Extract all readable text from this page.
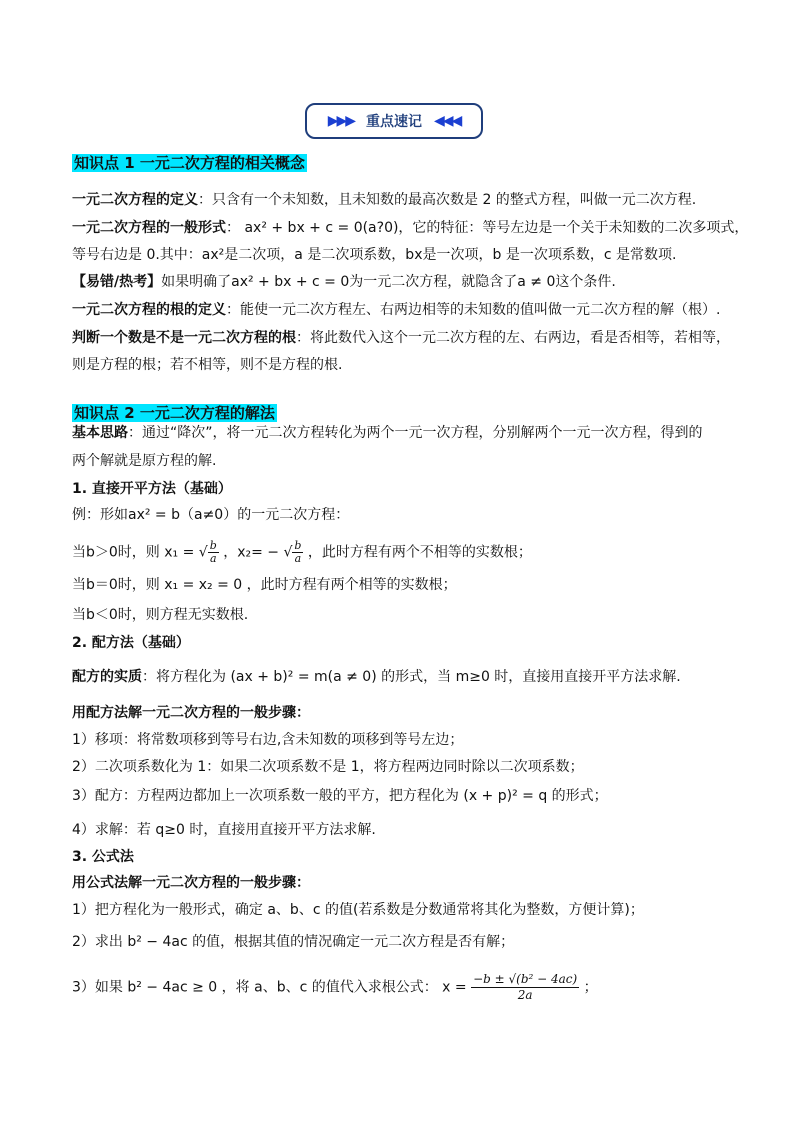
▶▶▶ 重点速记 ◀◀◀
知识点 1 一元二次方程的相关概念
一元二次方程的定义：只含有一个未知数，且未知数的最高次数是 2 的整式方程，叫做一元二次方程.
一元二次方程的一般形式： ax² + bx + c = 0(a?0)，它的特征：等号左边是一个关于未知数的二次多项式，
等号右边是 0.其中：ax²是二次项，a 是二次项系数，bx是一次项，b 是一次项系数，c 是常数项.
【易错/热考】如果明确了ax² + bx + c = 0为一元二次方程，就隐含了a ≠ 0这个条件.
一元二次方程的根的定义：能使一元二次方程左、右两边相等的未知数的值叫做一元二次方程的解（根）.
判断一个数是不是一元二次方程的根：将此数代入这个一元二次方程的左、右两边，看是否相等，若相等，
则是方程的根；若不相等，则不是方程的根.
知识点 2 一元二次方程的解法
基本思路：通过“降次”，将一元二次方程转化为两个一元一次方程，分别解两个一元一次方程，得到的
两个解就是原方程的解.
1. 直接开平方法（基础）
例：形如ax² = b（a≠0）的一元二次方程：
当b＞0时，则 x₁ = √ $\frac{b}{a}$ ，x₂= − √ $\frac{b}{a}$ ，此时方程有两个不相等的实数根；
当b＝0时，则 x₁ = x₂ = 0 ，此时方程有两个相等的实数根；
当b＜0时，则方程无实数根.
2. 配方法（基础）
配方的实质：将方程化为 (ax + b)² = m(a ≠ 0) 的形式，当 m≥0 时，直接用直接开平方法求解.
用配方法解一元二次方程的一般步骤：
1）移项：将常数项移到等号右边,含未知数的项移到等号左边；
2）二次项系数化为 1：如果二次项系数不是 1，将方程两边同时除以二次项系数；
3）配方：方程两边都加上一次项系数一般的平方，把方程化为 (x + p)² = q 的形式；
4）求解：若 q≥0 时，直接用直接开平方法求解.
3. 公式法
用公式法解一元二次方程的一般步骤：
1）把方程化为一般形式，确定 a、b、c 的值(若系数是分数通常将其化为整数，方便计算)；
2）求出 b² − 4ac 的值，根据其值的情况确定一元二次方程是否有解；
3）如果 b² − 4ac ≥ 0 ，将 a、b、c 的值代入求根公式： $x = \frac{\text{−b ± √(b² − 4ac)}}{2a}$ ；
